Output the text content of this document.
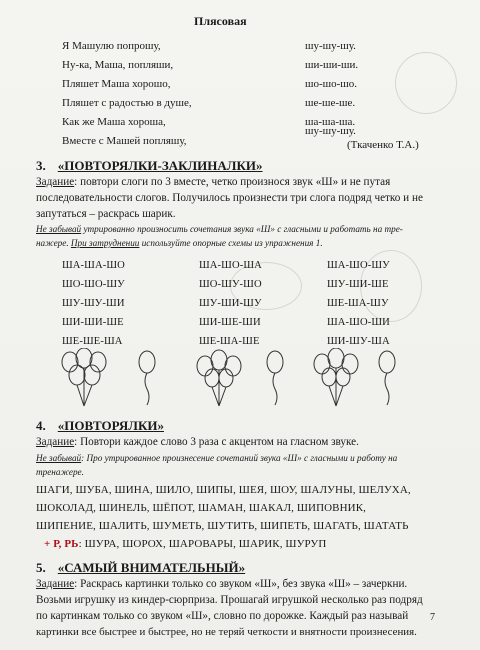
Плясовая
Я Машулю попрошу,
Ну-ка, Маша, попляши,
Пляшет Маша хорошо,
Пляшет с радостью в душе,
Как же Маша хороша,
Вместе с Машей попляшу,
шу-шу-шу.
ши-ши-ши.
шо-шо-шо.
ше-ше-ше.
ша-ша-ша.
шу-шу-шу.
(Ткаченко Т.А.)
3. «ПОВТОРЯЛКИ-ЗАКЛИНАЛКИ»
Задание: повтори слоги по 3 вместе, четко произнося звук «Ш» и не путая
последовательности слогов. Получилось произнести три слога подряд четко и не
запутаться – раскрась шарик.
Не забывай утрированно произносить сочетания звука «Ш» с гласными и работать на тре-
нажере. При затруднении используйте опорные схемы из упражнения 1.
ША-ША-ШО
ШО-ШО-ШУ
ШУ-ШУ-ШИ
ШИ-ШИ-ШЕ
ШЕ-ШЕ-ША
ША-ШО-ША
ШО-ШУ-ШО
ШУ-ШИ-ШУ
ШИ-ШЕ-ШИ
ШЕ-ША-ШЕ
ША-ШО-ШУ
ШУ-ШИ-ШЕ
ШЕ-ША-ШУ
ША-ШО-ШИ
ШИ-ШУ-ША
4. «ПОВТОРЯЛКИ»
Задание: Повтори каждое слово 3 раза с акцентом на гласном звуке.
Не забывай: Про утрированное произнесение сочетаний звука «Ш» с гласными и работу на
тренажере.
ШАГИ, ШУБА, ШИНА, ШИЛО, ШИПЫ, ШЕЯ, ШОУ, ШАЛУНЫ, ШЕЛУХА,
ШОКОЛАД, ШИНЕЛЬ, ШЁПОТ, ШАМАН, ШАКАЛ, ШИПОВНИК,
ШИПЕНИЕ, ШАЛИТЬ, ШУМЕТЬ, ШУТИТЬ, ШИПЕТЬ, ШАГАТЬ, ШАТАТЬ
+ Р, РЬ: ШУРА, ШОРОХ, ШАРОВАРЫ, ШАРИК, ШУРУП
5. «САМЫЙ ВНИМАТЕЛЬНЫЙ»
Задание: Раскрась картинки только со звуком «Ш», без звука «Ш» – зачеркни.
Возьми игрушку из киндер-сюрприза. Прошагай игрушкой несколько раз подряд
по картинкам только со звуком «Ш», словно по дорожке. Каждый раз называй
картинки все быстрее и быстрее, но не теряй четкости и внятности произнесения.
7
